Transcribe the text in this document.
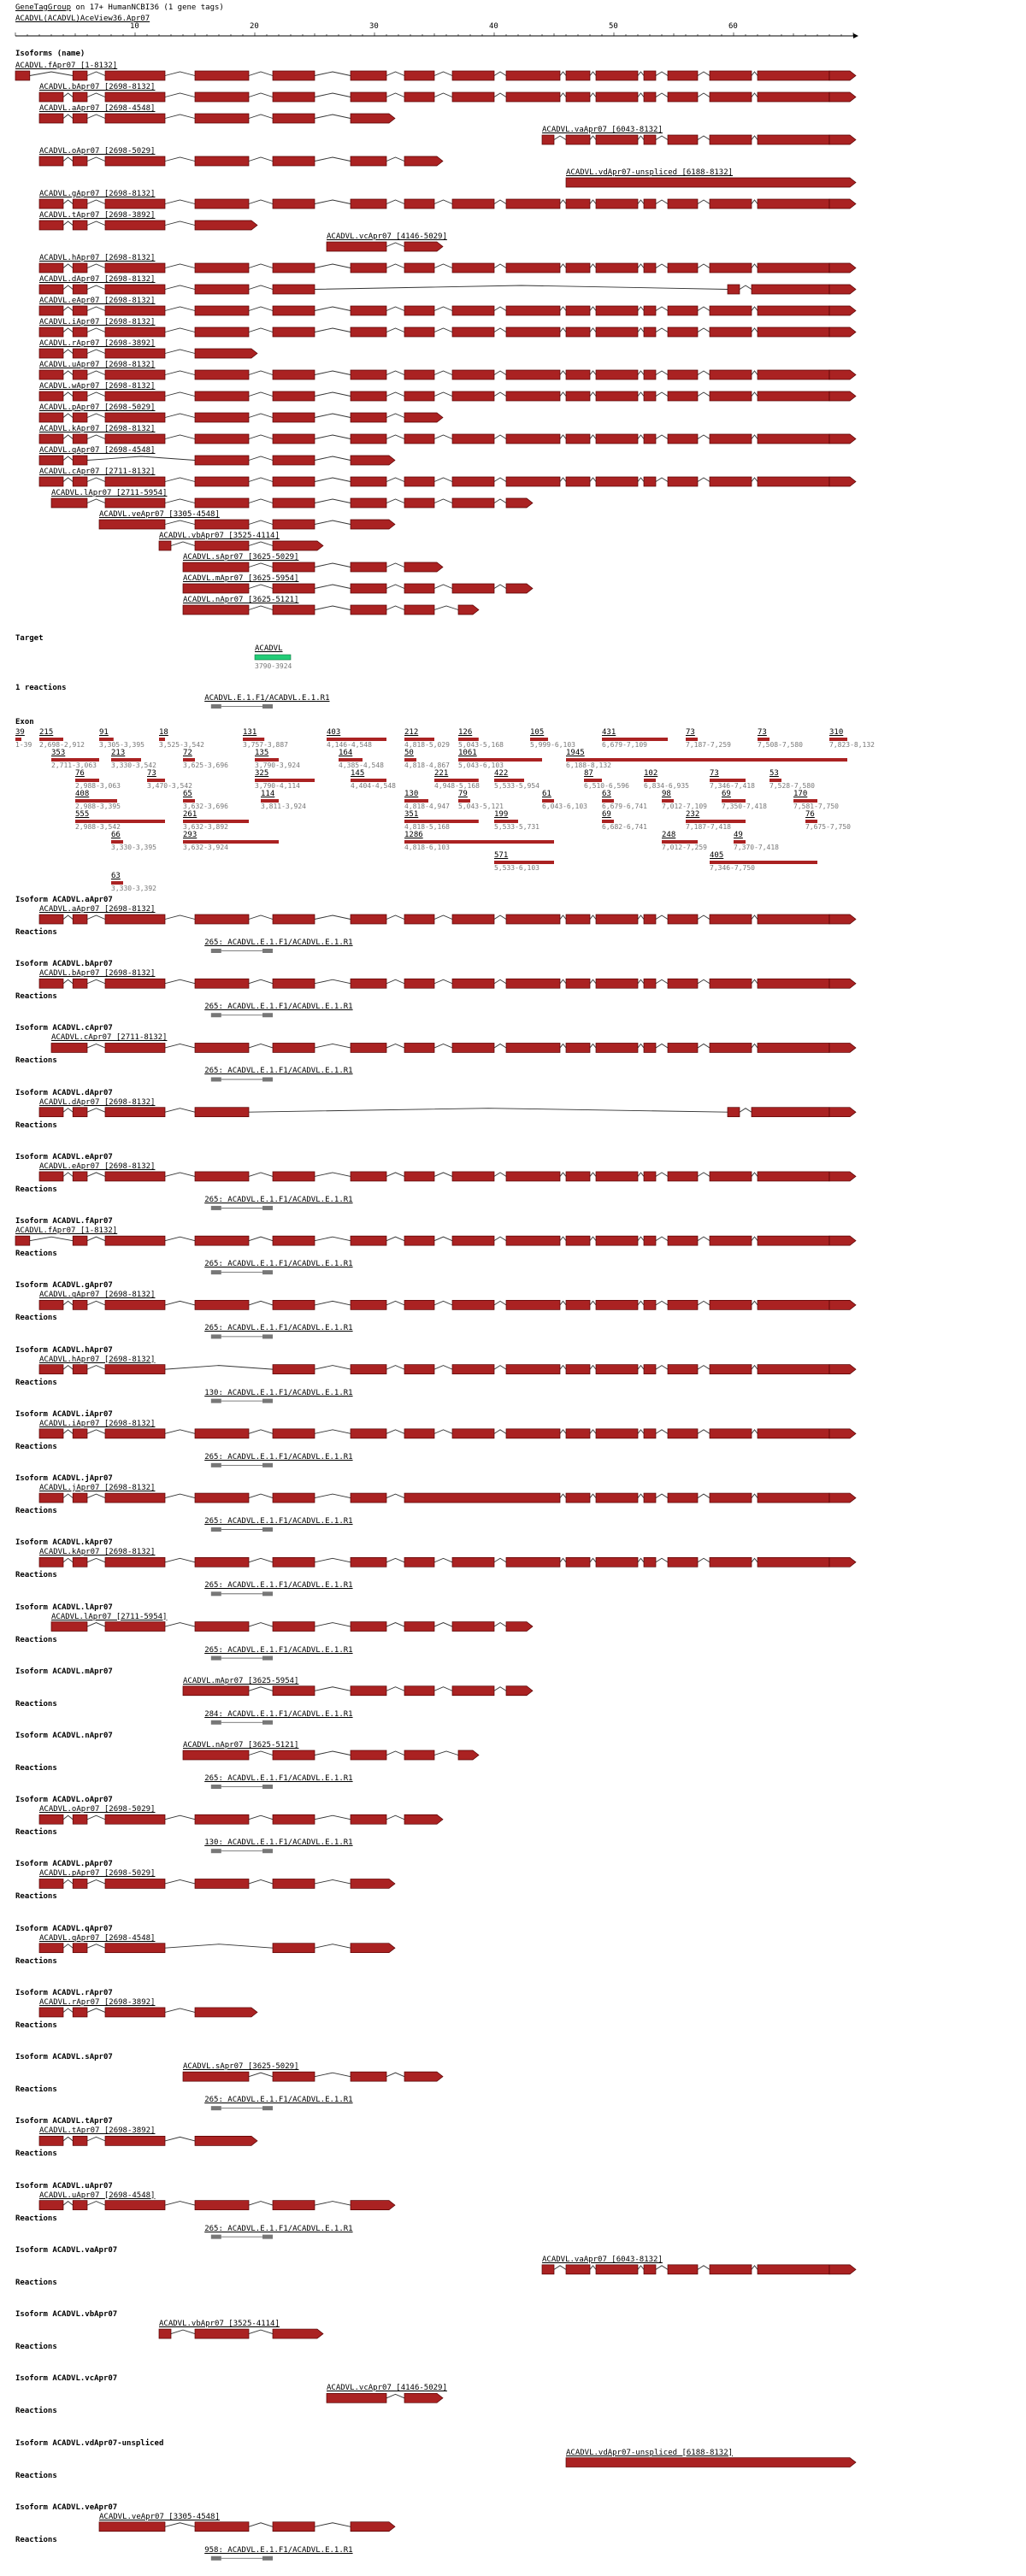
GeneTagGroup on 17+ HumanNCBI36 (1 gene tags)
ACADVL(ACADVL)AceView36.Apr07
10	20	30	40	50	60
Isoforms (name)
ACADVL.fApr07 [1-8132]
ACADVL.bApr07 [2698-8132]
ACADVL.aApr07 [2698-4548]
ACADVL.vaApr07 [6043-8132]
ACADVL.oApr07 [2698-5029]
ACADVL.vdApr07-unspliced [6188-8132]
ACADVL.gApr07 [2698-8132]
ACADVL.tApr07 [2698-3892]
ACADVL.vcApr07 [4146-5029]
ACADVL.hApr07 [2698-8132]
ACADVL.dApr07 [2698-8132]
ACADVL.eApr07 [2698-8132]
ACADVL.iApr07 [2698-8132]
ACADVL.rApr07 [2698-3892]
ACADVL.uApr07 [2698-8132]
ACADVL.wApr07 [2698-8132]
ACADVL.pApr07 [2698-5029]
ACADVL.kApr07 [2698-8132]
ACADVL.qApr07 [2698-4548]
ACADVL.cApr07 [2711-8132]
ACADVL.lApr07 [2711-5954]
ACADVL.veApr07 [3305-4548]
ACADVL.vbApr07 [3525-4114]
ACADVL.sApr07 [3625-5029]
ACADVL.mApr07 [3625-5954]
ACADVL.nApr07 [3625-5121]
Target
ACADVL
3790-3924
1 reactions
ACADVL.E.1.F1/ACADVL.E.1.R1
Exon
39
1-39
215
2,698-2,912
91
3,305-3,395
18
3,525-3,542
131
3,757-3,887
403
4,146-4,548
212
4,818-5,029
126
5,043-5,168
105
5,999-6,103
431
6,679-7,109
73
7,187-7,259
73
7,508-7,580
310
7,823-8,132
353
2,711-3,063
213
3,330-3,542
72
3,625-3,696
135
3,790-3,924
164
4,385-4,548
50
4,818-4,867
1061
5,043-6,103
1945
6,188-8,132
76
2,988-3,063
73
3,470-3,542
325
3,790-4,114
145
4,404-4,548
221
4,948-5,168
422
5,533-5,954
87
6,510-6,596
102
6,834-6,935
73
7,346-7,418
53
7,528-7,580
408
2,988-3,395
65
3,632-3,696
114
3,811-3,924
130
4,818-4,947
79
5,043-5,121
61
6,043-6,103
63
6,679-6,741
98
7,012-7,109
69
7,350-7,418
170
7,581-7,750
555
2,988-3,542
261
3,632-3,892
351
4,818-5,168
199
5,533-5,731
69
6,682-6,741
232
7,187-7,418
76
7,675-7,750
66
3,330-3,395
293
3,632-3,924
1286
4,818-6,103
248
7,012-7,259
49
7,370-7,418
571
5,533-6,103
405
7,346-7,750
63
3,330-3,392
Isoform ACADVL.aApr07
ACADVL.aApr07 [2698-8132]
Reactions
265: ACADVL.E.1.F1/ACADVL.E.1.R1
Isoform ACADVL.bApr07
ACADVL.bApr07 [2698-8132]
Reactions
265: ACADVL.E.1.F1/ACADVL.E.1.R1
Isoform ACADVL.cApr07
ACADVL.cApr07 [2711-8132]
Reactions
265: ACADVL.E.1.F1/ACADVL.E.1.R1
Isoform ACADVL.dApr07
ACADVL.dApr07 [2698-8132]
Reactions
Isoform ACADVL.eApr07
ACADVL.eApr07 [2698-8132]
Reactions
265: ACADVL.E.1.F1/ACADVL.E.1.R1
Isoform ACADVL.fApr07
ACADVL.fApr07 [1-8132]
Reactions
265: ACADVL.E.1.F1/ACADVL.E.1.R1
Isoform ACADVL.gApr07
ACADVL.gApr07 [2698-8132]
Reactions
265: ACADVL.E.1.F1/ACADVL.E.1.R1
Isoform ACADVL.hApr07
ACADVL.hApr07 [2698-8132]
Reactions
130: ACADVL.E.1.F1/ACADVL.E.1.R1
Isoform ACADVL.iApr07
ACADVL.iApr07 [2698-8132]
Reactions
265: ACADVL.E.1.F1/ACADVL.E.1.R1
Isoform ACADVL.jApr07
ACADVL.jApr07 [2698-8132]
Reactions
265: ACADVL.E.1.F1/ACADVL.E.1.R1
Isoform ACADVL.kApr07
ACADVL.kApr07 [2698-8132]
Reactions
265: ACADVL.E.1.F1/ACADVL.E.1.R1
Isoform ACADVL.lApr07
ACADVL.lApr07 [2711-5954]
Reactions
265: ACADVL.E.1.F1/ACADVL.E.1.R1
Isoform ACADVL.mApr07
ACADVL.mApr07 [3625-5954]
Reactions
284: ACADVL.E.1.F1/ACADVL.E.1.R1
Isoform ACADVL.nApr07
ACADVL.nApr07 [3625-5121]
Reactions
265: ACADVL.E.1.F1/ACADVL.E.1.R1
Isoform ACADVL.oApr07
ACADVL.oApr07 [2698-5029]
Reactions
130: ACADVL.E.1.F1/ACADVL.E.1.R1
Isoform ACADVL.pApr07
ACADVL.pApr07 [2698-5029]
Reactions
Isoform ACADVL.qApr07
ACADVL.qApr07 [2698-4548]
Reactions
Isoform ACADVL.rApr07
ACADVL.rApr07 [2698-3892]
Reactions
Isoform ACADVL.sApr07
ACADVL.sApr07 [3625-5029]
Reactions
265: ACADVL.E.1.F1/ACADVL.E.1.R1
Isoform ACADVL.tApr07
ACADVL.tApr07 [2698-3892]
Reactions
Isoform ACADVL.uApr07
ACADVL.uApr07 [2698-4548]
Reactions
265: ACADVL.E.1.F1/ACADVL.E.1.R1
Isoform ACADVL.vaApr07
ACADVL.vaApr07 [6043-8132]
Reactions
Isoform ACADVL.vbApr07
ACADVL.vbApr07 [3525-4114]
Reactions
Isoform ACADVL.vcApr07
ACADVL.vcApr07 [4146-5029]
Reactions
Isoform ACADVL.vdApr07-unspliced
ACADVL.vdApr07-unspliced [6188-8132]
Reactions
Isoform ACADVL.veApr07
ACADVL.veApr07 [3305-4548]
Reactions
958: ACADVL.E.1.F1/ACADVL.E.1.R1
